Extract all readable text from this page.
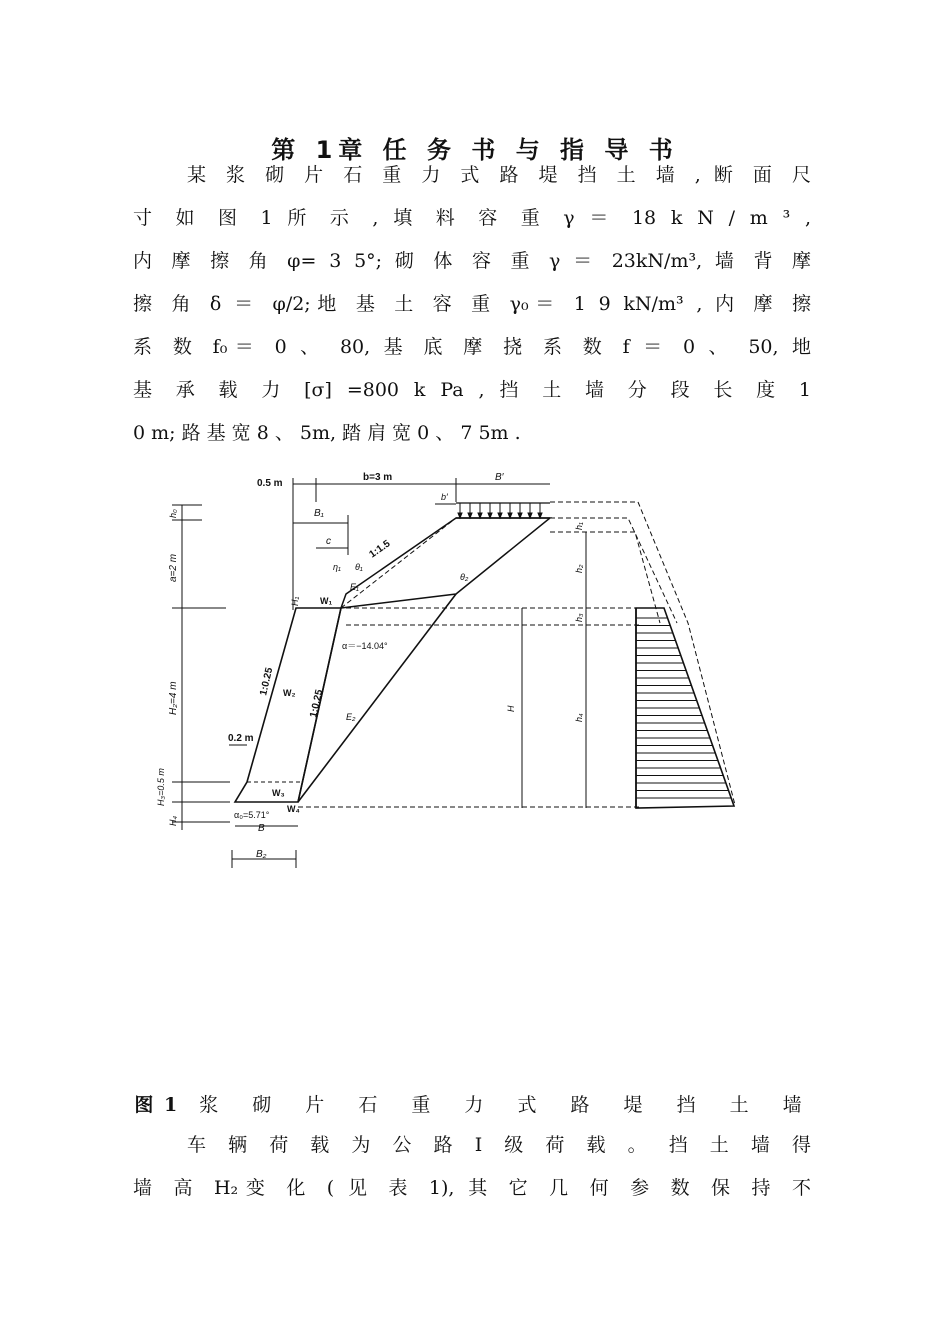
第 1章 任 务 书 与 指 导 书
某 浆 砌 片 石 重 力 式 路 堤 挡 土 墙 , 断 面 尺
寸 如 图 1 所 示 , 填 料 容 重 γ ＝ 18 k N / m ³ ,
内 摩 擦 角 φ= 3 5°; 砌 体 容 重 γ ＝ 23kN/m³, 墙 背 摩
擦 角 δ ＝ φ/2;地 基 土 容 重 γ₀＝ 1 9 kN/m³ , 内 摩 擦
系 数 f₀＝ 0 、 80, 基 底 摩 挠 系 数 f ＝ 0 、 50, 地
基 承 载 力 [σ] =800 k Pa , 挡 土 墙 分 段 长 度 1
0 m; 路 基 宽 8 、 5m, 踏 肩 宽 0 、 7 5m .
0.5 m
b=3 m	B′
b′
B₁
c	1:1.5
η₁ θ₁
θ₂
E₁
W₁
H₁
h₀
a=2 m
H₂=4 m
H₃=0.5 m
H₄
1:0.25
1:0.25
W₂
E₂
W₃
W₄
0.2 m
α＝−14.04°
α₀=5.71°
B
B₂
H
h₁
h₂
h₃
h₄
图 1 浆 砌 片 石 重 力 式 路 堤 挡 土 墙
车 辆 荷 载 为 公 路 Ⅰ 级 荷 载 。 挡 土 墙 得
墙 高 H₂变 化 ( 见 表 1), 其 它 几 何 参 数 保 持 不
